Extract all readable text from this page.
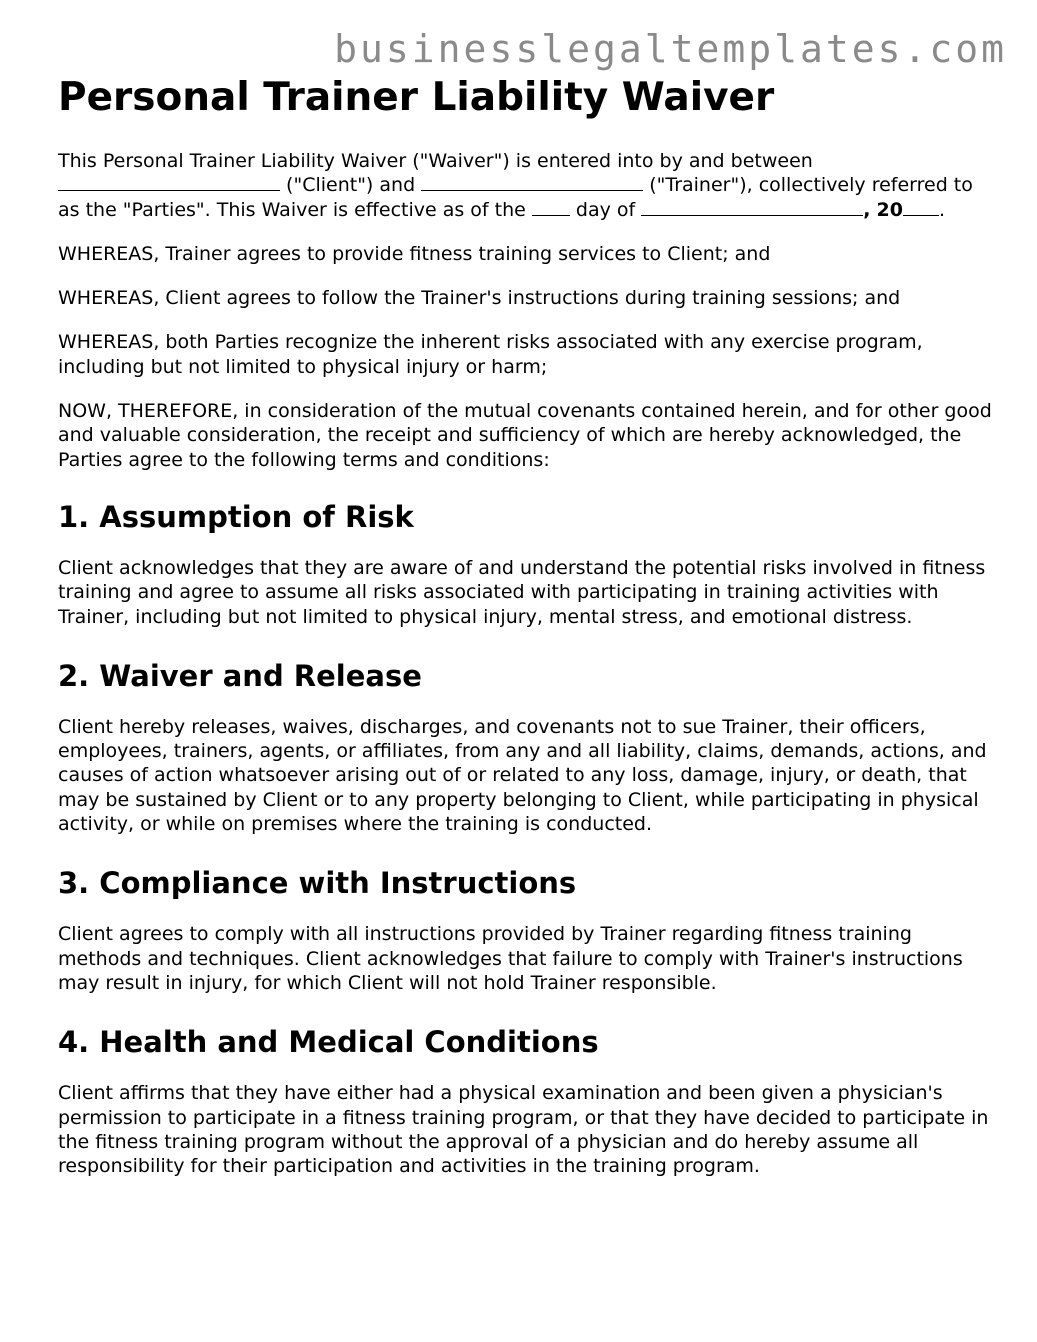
businesslegaltemplates.com
Personal Trainer Liability Waiver

This Personal Trainer Liability Waiver ("Waiver") is entered into by and between
("Client") and	("Trainer"), collectively referred to as the "Parties". This Waiver is effective as of the  day of	, 20 .

WHEREAS, Trainer agrees to provide fitness training services to Client; and

WHEREAS, Client agrees to follow the Trainer's instructions during training sessions; and

WHEREAS, both Parties recognize the inherent risks associated with any exercise program, including but not limited to physical injury or harm;

NOW, THEREFORE, in consideration of the mutual covenants contained herein, and for other good and valuable consideration, the receipt and sufficiency of which are hereby acknowledged, the Parties agree to the following terms and conditions:

1. Assumption of Risk

Client acknowledges that they are aware of and understand the potential risks involved in fitness training and agree to assume all risks associated with participating in training activities with Trainer, including but not limited to physical injury, mental stress, and emotional distress.

2. Waiver and Release

Client hereby releases, waives, discharges, and covenants not to sue Trainer, their officers, employees, trainers, agents, or affiliates, from any and all liability, claims, demands, actions, and causes of action whatsoever arising out of or related to any loss, damage, injury, or death, that may be sustained by Client or to any property belonging to Client, while participating in physical activity, or while on premises where the training is conducted.

3. Compliance with Instructions

Client agrees to comply with all instructions provided by Trainer regarding fitness training methods and techniques. Client acknowledges that failure to comply with Trainer's instructions may result in injury, for which Client will not hold Trainer responsible.

4. Health and Medical Conditions

Client affirms that they have either had a physical examination and been given a physician's permission to participate in a fitness training program, or that they have decided to participate in the fitness training program without the approval of a physician and do hereby assume all responsibility for their participation and activities in the training program.
